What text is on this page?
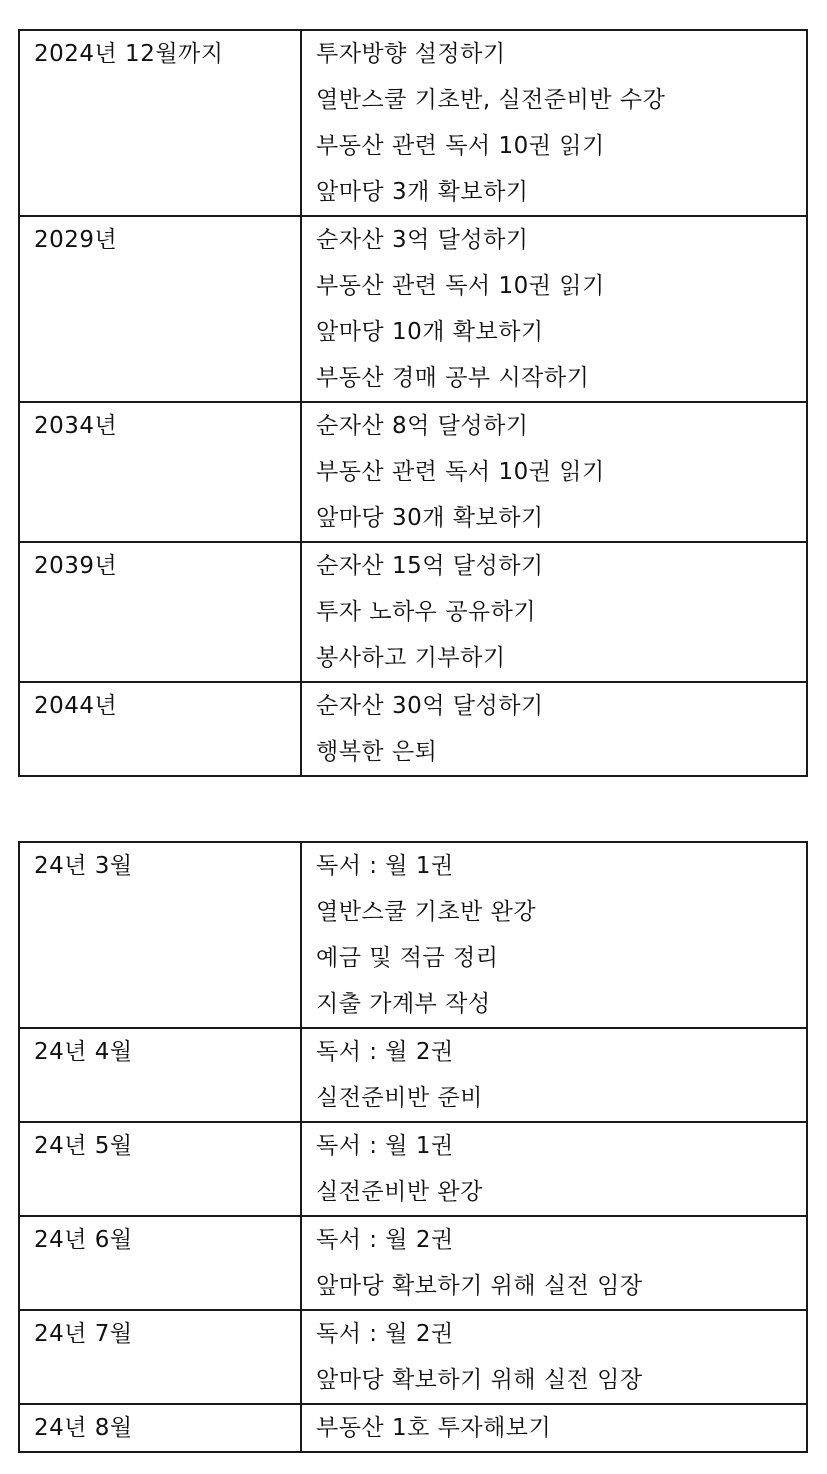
2024년 12월까지	투자방향 설정하기
열반스쿨 기초반, 실전준비반 수강
부동산 관련 독서 10권 읽기
앞마당 3개 확보하기

2029년	순자산 3억 달성하기
부동산 관련 독서 10권 읽기
앞마당 10개 확보하기
부동산 경매 공부 시작하기

2034년	순자산 8억 달성하기
부동산 관련 독서 10권 읽기
앞마당 30개 확보하기

2039년	순자산 15억 달성하기
투자 노하우 공유하기
봉사하고 기부하기

2044년	순자산 30억 달성하기
행복한 은퇴
24년 3월	독서 : 월 1권
열반스쿨 기초반 완강
예금 및 적금 정리
지출 가계부 작성

24년 4월	독서 : 월 2권
실전준비반 준비

24년 5월	독서 : 월 1권
실전준비반 완강

24년 6월	독서 : 월 2권
앞마당 확보하기 위해 실전 임장

24년 7월	독서 : 월 2권
앞마당 확보하기 위해 실전 임장

24년 8월	부동산 1호 투자해보기
